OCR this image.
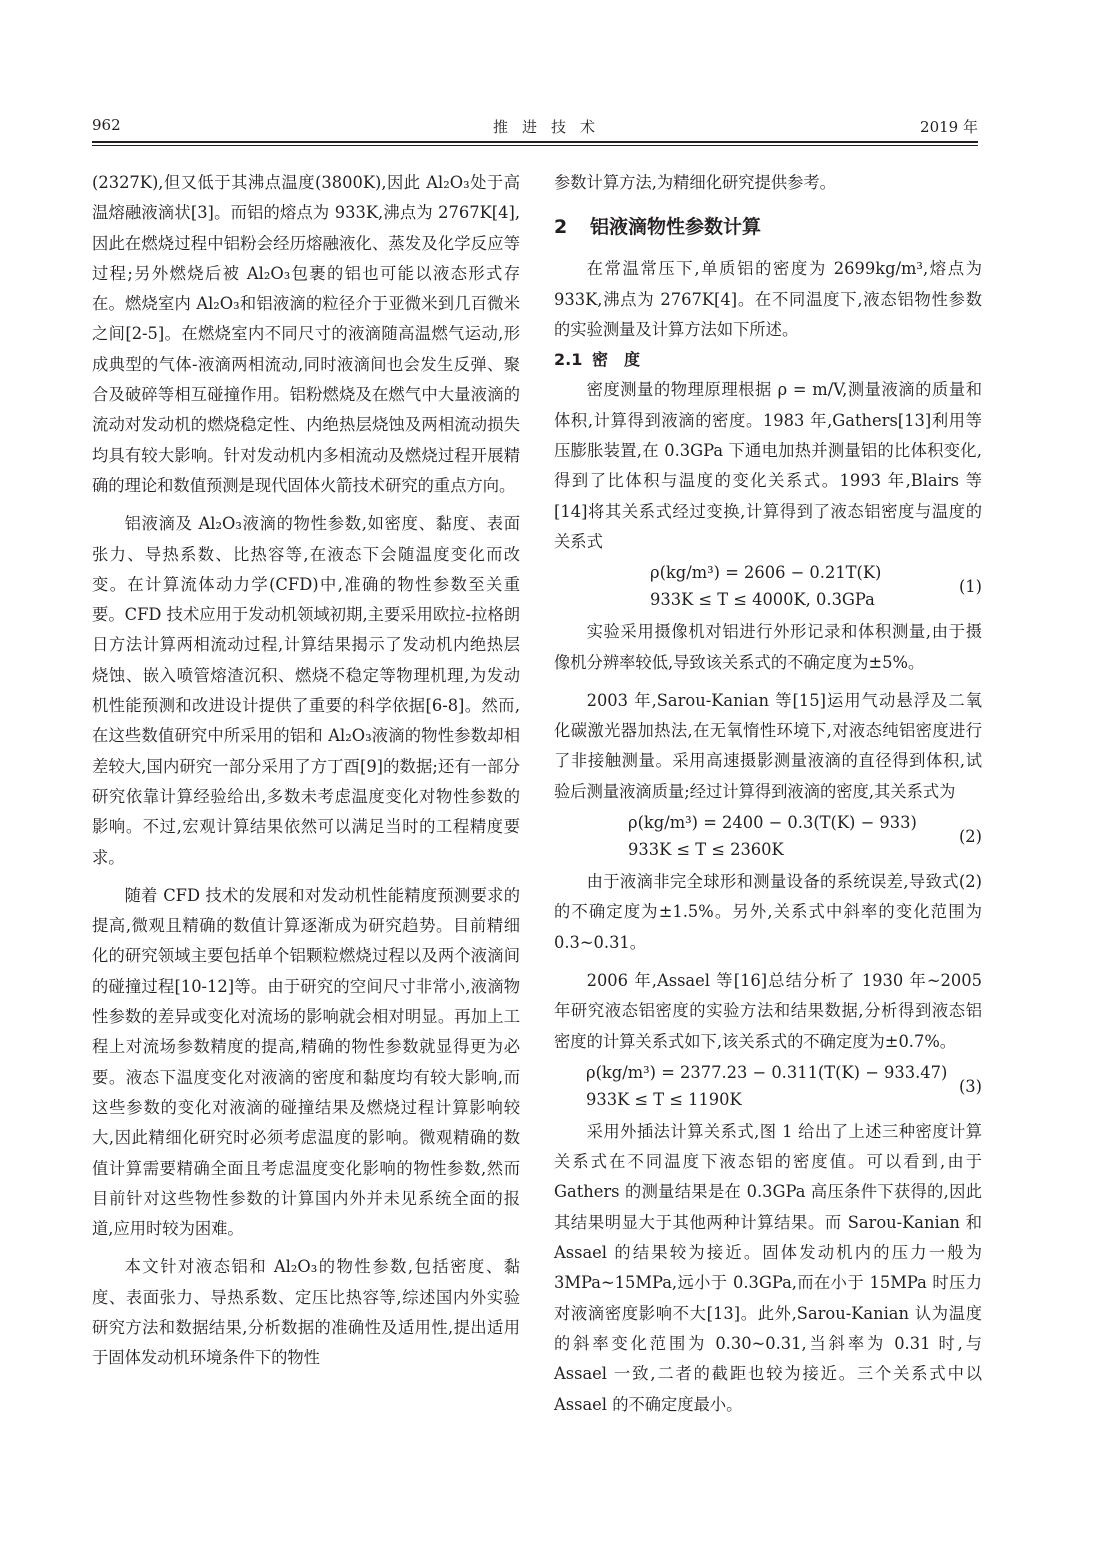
962	推进技术	2019 年

(2327K),但又低于其沸点温度(3800K),因此 Al₂O₃处于高温熔融液滴状[3]。而铝的熔点为 933K,沸点为 2767K[4],因此在燃烧过程中铝粉会经历熔融液化、蒸发及化学反应等过程;另外燃烧后被 Al₂O₃包裹的铝也可能以液态形式存在。燃烧室内 Al₂O₃和铝液滴的粒径介于亚微米到几百微米之间[2-5]。在燃烧室内不同尺寸的液滴随高温燃气运动,形成典型的气体-液滴两相流动,同时液滴间也会发生反弹、聚合及破碎等相互碰撞作用。铝粉燃烧及在燃气中大量液滴的流动对发动机的燃烧稳定性、内绝热层烧蚀及两相流动损失均具有较大影响。针对发动机内多相流动及燃烧过程开展精确的理论和数值预测是现代固体火箭技术研究的重点方向。

铝液滴及 Al₂O₃液滴的物性参数,如密度、黏度、表面张力、导热系数、比热容等,在液态下会随温度变化而改变。在计算流体动力学(CFD)中,准确的物性参数至关重要。CFD 技术应用于发动机领域初期,主要采用欧拉-拉格朗日方法计算两相流动过程,计算结果揭示了发动机内绝热层烧蚀、嵌入喷管熔渣沉积、燃烧不稳定等物理机理,为发动机性能预测和改进设计提供了重要的科学依据[6-8]。然而,在这些数值研究中所采用的铝和 Al₂O₃液滴的物性参数却相差较大,国内研究一部分采用了方丁酉[9]的数据;还有一部分研究依靠计算经验给出,多数未考虑温度变化对物性参数的影响。不过,宏观计算结果依然可以满足当时的工程精度要求。

随着 CFD 技术的发展和对发动机性能精度预测要求的提高,微观且精确的数值计算逐渐成为研究趋势。目前精细化的研究领域主要包括单个铝颗粒燃烧过程以及两个液滴间的碰撞过程[10-12]等。由于研究的空间尺寸非常小,液滴物性参数的差异或变化对流场的影响就会相对明显。再加上工程上对流场参数精度的提高,精确的物性参数就显得更为必要。液态下温度变化对液滴的密度和黏度均有较大影响,而这些参数的变化对液滴的碰撞结果及燃烧过程计算影响较大,因此精细化研究时必须考虑温度的影响。微观精确的数值计算需要精确全面且考虑温度变化影响的物性参数,然而目前针对这些物性参数的计算国内外并未见系统全面的报道,应用时较为困难。

本文针对液态铝和 Al₂O₃的物性参数,包括密度、黏度、表面张力、导热系数、定压比热容等,综述国内外实验研究方法和数据结果,分析数据的准确性及适用性,提出适用于固体发动机环境条件下的物性

参数计算方法,为精细化研究提供参考。

2 铝液滴物性参数计算

在常温常压下,单质铝的密度为 2699kg/m³,熔点为 933K,沸点为 2767K[4]。在不同温度下,液态铝物性参数的实验测量及计算方法如下所述。

2.1 密　度

密度测量的物理原理根据 ρ = m/V,测量液滴的质量和体积,计算得到液滴的密度。1983 年,Gathers[13]利用等压膨胀装置,在 0.3GPa 下通电加热并测量铝的比体积变化,得到了比体积与温度的变化关系式。1993 年,Blairs 等[14]将其关系式经过变换,计算得到了液态铝密度与温度的关系式

ρ(kg/m³) = 2606 − 0.21T(K)
933K ≤ T ≤ 4000K, 0.3GPa
(1)

实验采用摄像机对铝进行外形记录和体积测量,由于摄像机分辨率较低,导致该关系式的不确定度为±5%。

2003 年,Sarou-Kanian 等[15]运用气动悬浮及二氧化碳激光器加热法,在无氧惰性环境下,对液态纯铝密度进行了非接触测量。采用高速摄影测量液滴的直径得到体积,试验后测量液滴质量;经过计算得到液滴的密度,其关系式为

ρ(kg/m³) = 2400 − 0.3(T(K) − 933)
933K ≤ T ≤ 2360K
(2)

由于液滴非完全球形和测量设备的系统误差,导致式(2)的不确定度为±1.5%。另外,关系式中斜率的变化范围为 0.3~0.31。

2006 年,Assael 等[16]总结分析了 1930 年~2005 年研究液态铝密度的实验方法和结果数据,分析得到液态铝密度的计算关系式如下,该关系式的不确定度为±0.7%。

ρ(kg/m³) = 2377.23 − 0.311(T(K) − 933.47)
933K ≤ T ≤ 1190K
(3)

采用外插法计算关系式,图 1 给出了上述三种密度计算关系式在不同温度下液态铝的密度值。可以看到,由于 Gathers 的测量结果是在 0.3GPa 高压条件下获得的,因此其结果明显大于其他两种计算结果。而 Sarou-Kanian 和 Assael 的结果较为接近。固体发动机内的压力一般为 3MPa~15MPa,远小于 0.3GPa,而在小于 15MPa 时压力对液滴密度影响不大[13]。此外,Sarou-Kanian 认为温度的斜率变化范围为 0.30~0.31,当斜率为 0.31 时,与 Assael 一致,二者的截距也较为接近。三个关系式中以 Assael 的不确定度最小。
